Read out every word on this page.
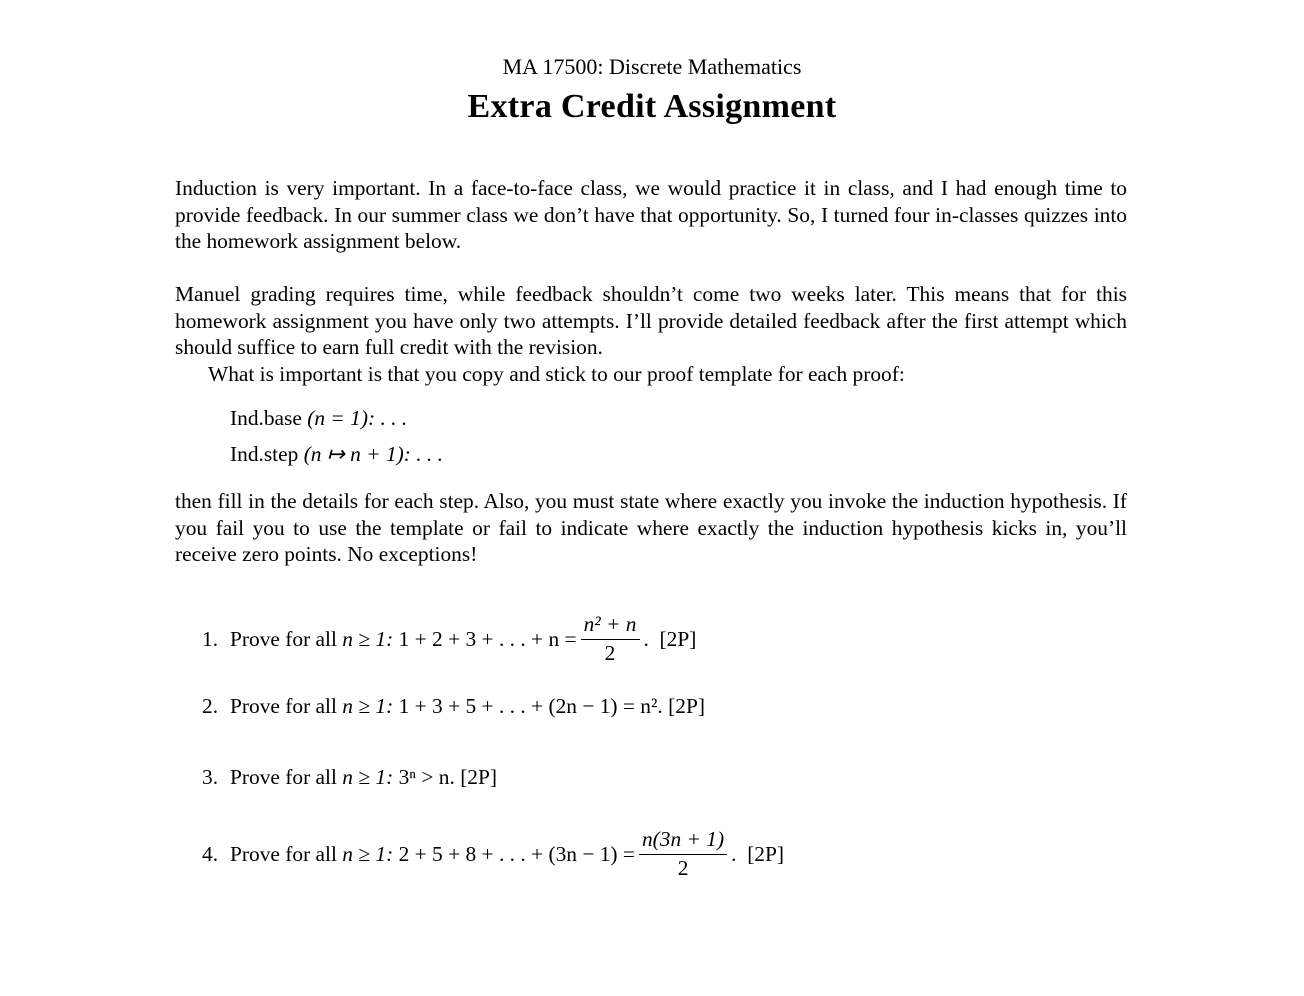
MA 17500: Discrete Mathematics
Extra Credit Assignment
Induction is very important. In a face-to-face class, we would practice it in class, and I had enough time to provide feedback. In our summer class we don’t have that opportunity. So, I turned four in-classes quizzes into the homework assignment below.
Manuel grading requires time, while feedback shouldn’t come two weeks later. This means that for this homework assignment you have only two attempts. I’ll provide detailed feedback after the first attempt which should suffice to earn full credit with the revision.
What is important is that you copy and stick to our proof template for each proof:
Ind.base (n = 1): . . .
Ind.step (n ↦ n + 1): . . .
then fill in the details for each step. Also, you must state where exactly you invoke the induction hypothesis. If you fail you to use the template or fail to indicate where exactly the induction hypothesis kicks in, you’ll receive zero points. No exceptions!
1. Prove for all
n ≥ 1:
1 + 2 + 3 + . . . + $n = \frac{\text{n² + n}}{2}$ . [2P]
2. Prove for all
n ≥ 1:
1 + 3 + 5 + . . . + (2n − 1) = n².
[2P]
3. Prove for all
n ≥ 1:
3ⁿ > n.
[2P]
4. Prove for all
n ≥ 1:
2 + 5 + 8 + . . . + $(3n - 1) = \frac{n(3n + 1)}{2}$ . [2P]
